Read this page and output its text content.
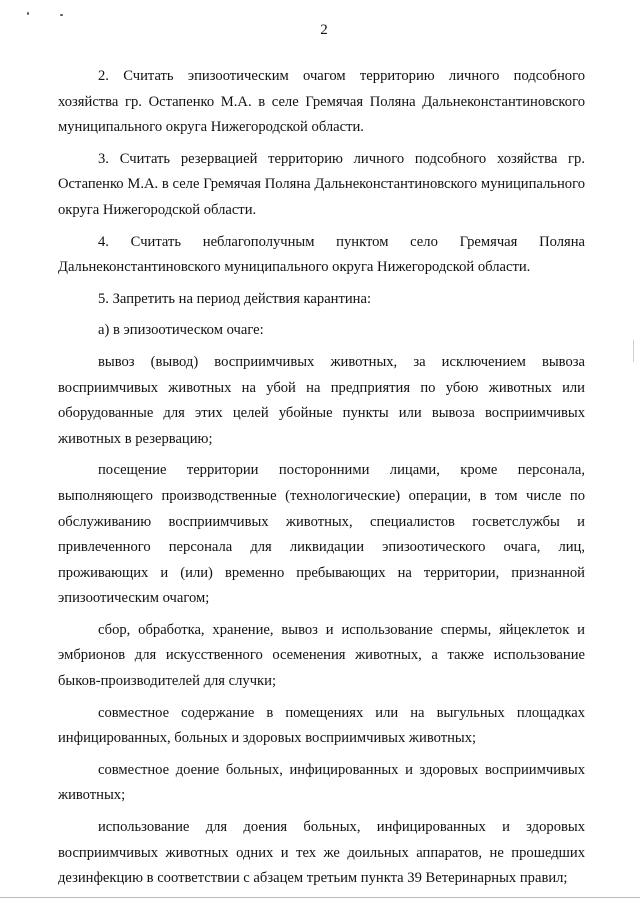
2

2. Считать эпизоотическим очагом территорию личного подсобного хозяйства гр. Остапенко М.А. в селе Гремячая Поляна Дальнеконстантиновского муниципального округа Нижегородской области.

3. Считать резервацией территорию личного подсобного хозяйства гр. Остапенко М.А. в селе Гремячая Поляна Дальнеконстантиновского муниципального округа Нижегородской области.

4. Считать неблагополучным пунктом село Гремячая Поляна Дальнеконстантиновского муниципального округа Нижегородской области.

5. Запретить на период действия карантина:

а) в эпизоотическом очаге:

вывоз (вывод) восприимчивых животных, за исключением вывоза восприимчивых животных на убой на предприятия по убою животных или оборудованные для этих целей убойные пункты или вывоза восприимчивых животных в резервацию;

посещение территории посторонними лицами, кроме персонала, выполняющего производственные (технологические) операции, в том числе по обслуживанию восприимчивых животных, специалистов госветслужбы и привлеченного персонала для ликвидации эпизоотического очага, лиц, проживающих и (или) временно пребывающих на территории, признанной эпизоотическим очагом;

сбор, обработка, хранение, вывоз и использование спермы, яйцеклеток и эмбрионов для искусственного осеменения животных, а также использование быков-производителей для случки;

совместное содержание в помещениях или на выгульных площадках инфицированных, больных и здоровых восприимчивых животных;

совместное доение больных, инфицированных и здоровых восприимчивых животных;

использование для доения больных, инфицированных и здоровых восприимчивых животных одних и тех же доильных аппаратов, не прошедших дезинфекцию в соответствии с абзацем третьим пункта 39 Ветеринарных правил;
